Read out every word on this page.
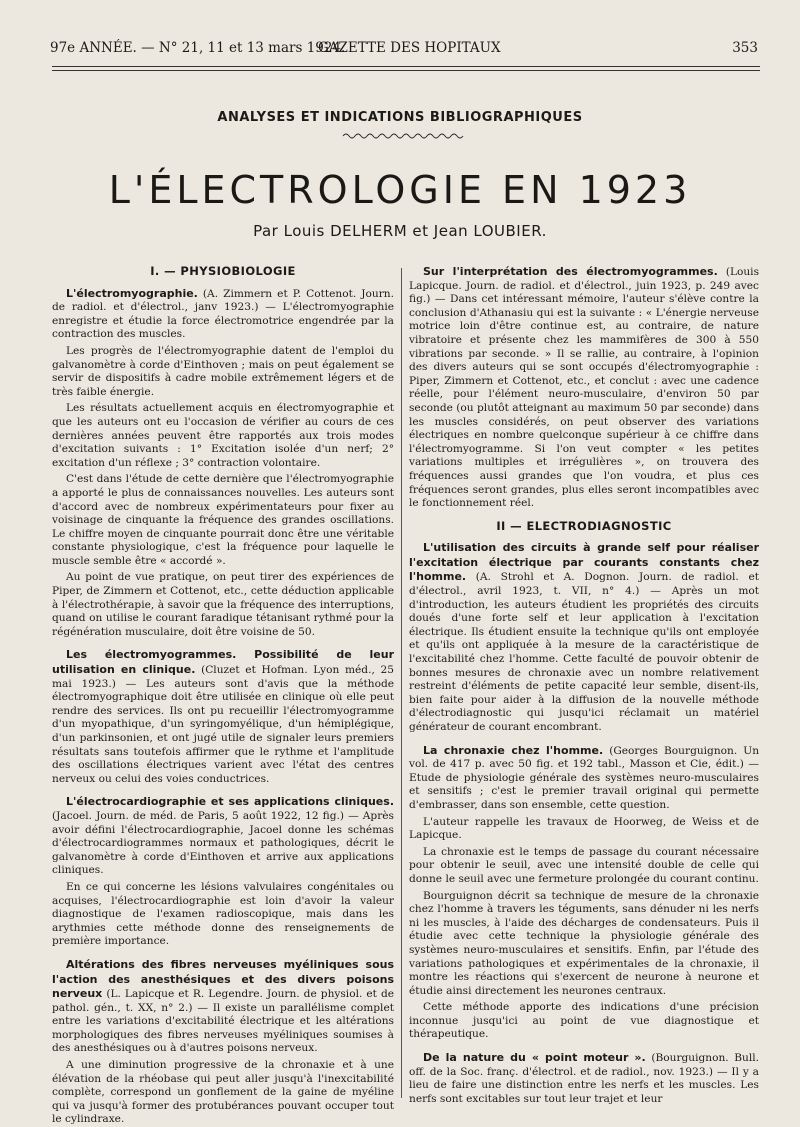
97e ANNÉE. — N° 21, 11 et 13 mars 1924.
GAZETTE DES HOPITAUX	353
ANALYSES ET INDICATIONS BIBLIOGRAPHIQUES
L'ÉLECTROLOGIE EN 1923
Par Louis DELHERM et Jean LOUBIER.
I. — PHYSIOBIOLOGIE

L'électromyographie. (A. Zimmern et P. Cottenot. Journ. de radiol. et d'électrol., janv 1923.) — L'électromyographie enregistre et étudie la force électromotrice engendrée par la contraction des muscles.

Les progrès de l'électromyographie datent de l'emploi du galvanomètre à corde d'Einthoven ; mais on peut également se servir de dispositifs à cadre mobile extrêmement légers et de très faible énergie.

Les résultats actuellement acquis en électromyographie et que les auteurs ont eu l'occasion de vérifier au cours de ces dernières années peuvent être rapportés aux trois modes d'excitation suivants : 1° Excitation isolée d'un nerf; 2° excitation d'un réflexe ; 3° contraction volontaire.

C'est dans l'étude de cette dernière que l'électromyographie a apporté le plus de connaissances nouvelles. Les auteurs sont d'accord avec de nombreux expérimentateurs pour fixer au voisinage de cinquante la fréquence des grandes oscillations. Le chiffre moyen de cinquante pourrait donc être une véritable constante physiologique, c'est la fréquence pour laquelle le muscle semble être « accordé ».

Au point de vue pratique, on peut tirer des expériences de Piper, de Zimmern et Cottenot, etc., cette déduction applicable à l'électrothérapie, à savoir que la fréquence des interruptions, quand on utilise le courant faradique tétanisant rythmé pour la régénération musculaire, doit être voisine de 50.

Les électromyogrammes. Possibilité de leur utilisation en clinique. (Cluzet et Hofman. Lyon méd., 25 mai 1923.) — Les auteurs sont d'avis que la méthode électromyographique doit être utilisée en clinique où elle peut rendre des services. Ils ont pu recueillir l'électromyogramme d'un myopathique, d'un syringomyélique, d'un hémiplégique, d'un parkinsonien, et ont jugé utile de signaler leurs premiers résultats sans toutefois affirmer que le rythme et l'amplitude des oscillations électriques varient avec l'état des centres nerveux ou celui des voies conductrices.

L'électrocardiographie et ses applications cliniques. (Jacoel. Journ. de méd. de Paris, 5 août 1922, 12 fig.) — Après avoir défini l'électrocardiographie, Jacoel donne les schémas d'électrocardiogrammes normaux et pathologiques, décrit le galvanomètre à corde d'Einthoven et arrive aux applications cliniques.

En ce qui concerne les lésions valvulaires congénitales ou acquises, l'électrocardiographie est loin d'avoir la valeur diagnostique de l'examen radioscopique, mais dans les arythmies cette méthode donne des renseignements de première importance.

Altérations des fibres nerveuses myéliniques sous l'action des anesthésiques et des divers poisons nerveux (L. Lapicque et R. Legendre. Journ. de physiol. et de pathol. gén., t. XX, n° 2.) — Il existe un parallélisme complet entre les variations d'excitabilité électrique et les altérations morphologiques des fibres nerveuses myéliniques soumises à des anesthésiques ou à d'autres poisons nerveux.

A une diminution progressive de la chronaxie et à une élévation de la rhéobase qui peut aller jusqu'à l'inexcitabilité complète, correspond un gonflement de la gaine de myéline qui va jusqu'à former des protubérances pouvant occuper tout le cylindraxe.

Sur l'interprétation des électromyogrammes. (Louis Lapicque. Journ. de radiol. et d'électrol., juin 1923, p. 249 avec fig.) — Dans cet intéressant mémoire, l'auteur s'élève contre la conclusion d'Athanasiu qui est la suivante : « L'énergie nerveuse motrice loin d'être continue est, au contraire, de nature vibratoire et présente chez les mammifères de 300 à 550 vibrations par seconde. » Il se rallie, au contraire, à l'opinion des divers auteurs qui se sont occupés d'électromyographie : Piper, Zimmern et Cottenot, etc., et conclut : avec une cadence réelle, pour l'élément neuro-musculaire, d'environ 50 par seconde (ou plutôt atteignant au maximum 50 par seconde) dans les muscles considérés, on peut observer des variations électriques en nombre quelconque supérieur à ce chiffre dans l'électromyogramme. Si l'on veut compter « les petites variations multiples et irrégulières », on trouvera des fréquences aussi grandes que l'on voudra, et plus ces fréquences seront grandes, plus elles seront incompatibles avec le fonctionnement réel.

II — ELECTRODIAGNOSTIC

L'utilisation des circuits à grande self pour réaliser l'excitation électrique par courants constants chez l'homme. (A. Strohl et A. Dognon. Journ. de radiol. et d'électrol., avril 1923, t. VII, n° 4.) — Après un mot d'introduction, les auteurs étudient les propriétés des circuits doués d'une forte self et leur application à l'excitation électrique. Ils étudient ensuite la technique qu'ils ont employée et qu'ils ont appliquée à la mesure de la caractéristique de l'excitabilité chez l'homme. Cette faculté de pouvoir obtenir de bonnes mesures de chronaxie avec un nombre relativement restreint d'éléments de petite capacité leur semble, disent-ils, bien faite pour aider à la diffusion de la nouvelle méthode d'électrodiagnostic qui jusqu'ici réclamait un matériel générateur de courant encombrant.

La chronaxie chez l'homme. (Georges Bourguignon. Un vol. de 417 p. avec 50 fig. et 192 tabl., Masson et Cie, édit.) — Etude de physiologie générale des systèmes neuro-musculaires et sensitifs ; c'est le premier travail original qui permette d'embrasser, dans son ensemble, cette question.

L'auteur rappelle les travaux de Hoorweg, de Weiss et de Lapicque.

La chronaxie est le temps de passage du courant nécessaire pour obtenir le seuil, avec une intensité double de celle qui donne le seuil avec une fermeture prolongée du courant continu.

Bourguignon décrit sa technique de mesure de la chronaxie chez l'homme à travers les téguments, sans dénuder ni les nerfs ni les muscles, à l'aide des décharges de condensateurs. Puis il étudie avec cette technique la physiologie générale des systèmes neuro-musculaires et sensitifs. Enfin, par l'étude des variations pathologiques et expérimentales de la chronaxie, il montre les réactions qui s'exercent de neurone à neurone et étudie ainsi directement les neurones centraux.

Cette méthode apporte des indications d'une précision inconnue jusqu'ici au point de vue diagnostique et thérapeutique.

De la nature du « point moteur ». (Bourguignon. Bull. off. de la Soc. franç. d'électrol. et de radiol., nov. 1923.) — Il y a lieu de faire une distinction entre les nerfs et les muscles. Les nerfs sont excitables sur tout leur trajet et leur
